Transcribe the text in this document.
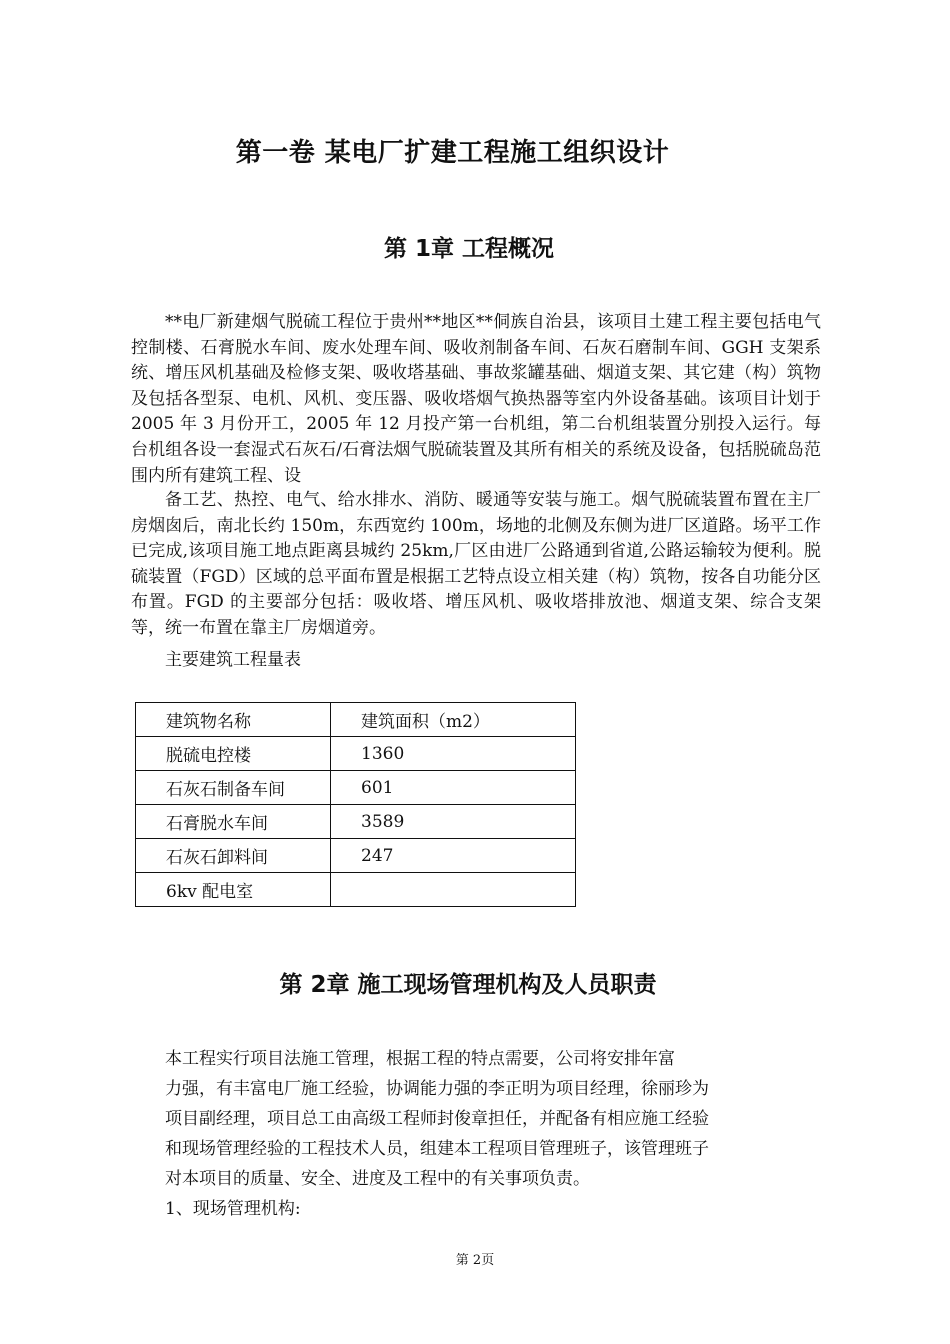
第一卷 某电厂扩建工程施工组织设计
第 1章 工程概况

**电厂新建烟气脱硫工程位于贵州**地区**侗族自治县，该项目土建工程主要包括电气控制楼、石膏脱水车间、废水处理车间、吸收剂制备车间、石灰石磨制车间、GGH 支架系统、增压风机基础及检修支架、吸收塔基础、事故浆罐基础、烟道支架、其它建（构）筑物及包括各型泵、电机、风机、变压器、吸收塔烟气换热器等室内外设备基础。该项目计划于 2005 年 3 月份开工，2005 年 12 月投产第一台机组，第二台机组装置分别投入运行。每台机组各设一套湿式石灰石/石膏法烟气脱硫装置及其所有相关的系统及设备，包括脱硫岛范围内所有建筑工程、设

备工艺、热控、电气、给水排水、消防、暖通等安装与施工。烟气脱硫装置布置在主厂房烟囱后，南北长约 150m，东西宽约 100m，场地的北侧及东侧为进厂区道路。场平工作已完成,该项目施工地点距离县城约 25km,厂区由进厂公路通到省道,公路运输较为便利。脱硫装置（FGD）区域的总平面布置是根据工艺特点设立相关建（构）筑物，按各自功能分区布置。FGD 的主要部分包括：吸收塔、增压风机、吸收塔排放池、烟道支架、综合支架等，统一布置在靠主厂房烟道旁。

主要建筑工程量表
建筑物名称	建筑面积（m2）
脱硫电控楼	1360
石灰石制备车间	601
石膏脱水车间	3589
石灰石卸料间	247
6kv 配电室	
第 2章 施工现场管理机构及人员职责
本工程实行项目法施工管理，根据工程的特点需要，公司将安排年富
力强，有丰富电厂施工经验，协调能力强的李正明为项目经理，徐丽珍为
项目副经理，项目总工由高级工程师封俊章担任，并配备有相应施工经验
和现场管理经验的工程技术人员，组建本工程项目管理班子，该管理班子
对本项目的质量、安全、进度及工程中的有关事项负责。
1、现场管理机构:
第 2页
